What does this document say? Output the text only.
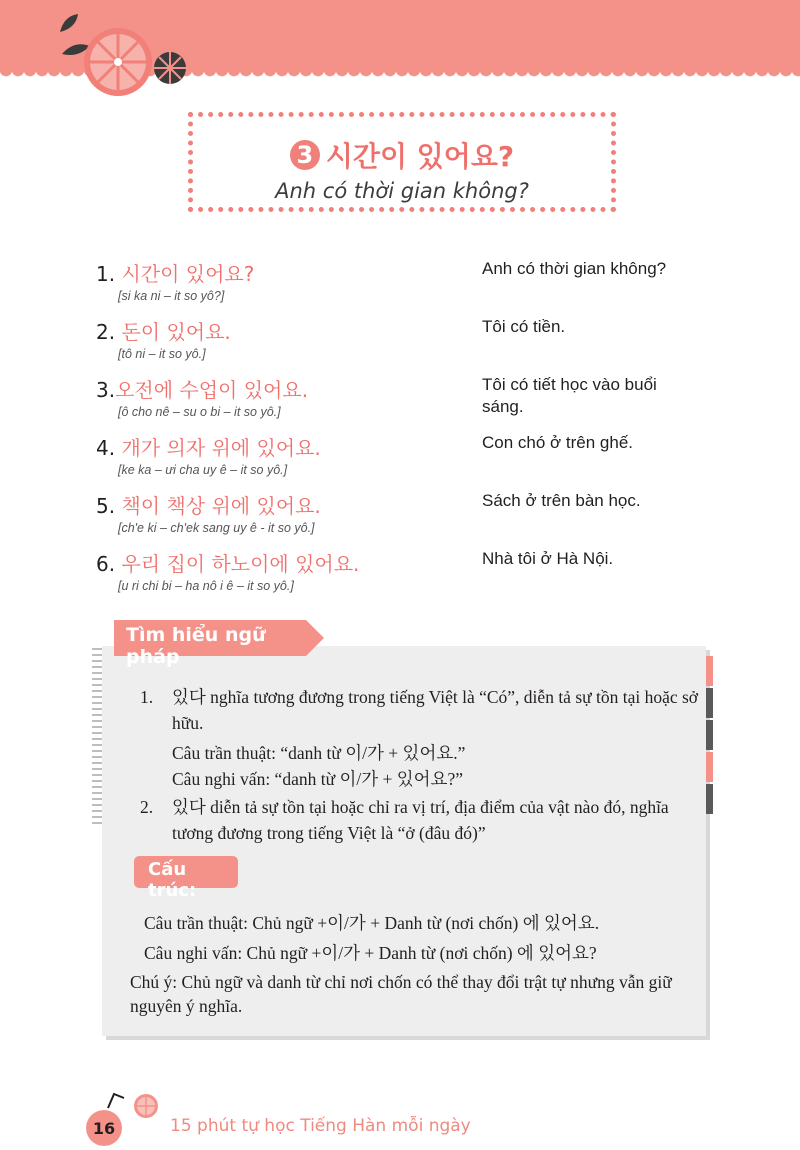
3 시간이 있어요?
Anh có thời gian không?
1. 시간이 있어요?
[si ka ni – it so yô?]
Anh có thời gian không?
2. 돈이 있어요.
[tô ni – it so yô.]
Tôi có tiền.
3.오전에 수업이 있어요.
[ô cho nê – su o bi – it so yô.]
Tôi có tiết học vào buổi sáng.
4. 개가 의자 위에 있어요.
[ke ka – ưi cha uy ê – it so yô.]
Con chó ở trên ghế.
5. 책이 책상 위에 있어요.
[ch'e ki – ch'ek sang uy ê - it so yô.]
Sách ở trên bàn học.
6. 우리 집이 하노이에 있어요.
[u ri chi bi – ha nô i ê – it so yô.]
Nhà tôi ở Hà Nội.
Tìm hiểu ngữ pháp
1. 있다 nghĩa tương đương trong tiếng Việt là “Có”, diễn tả sự tồn tại hoặc sở hữu.
Câu trần thuật: “danh từ 이/가 + 있어요.”
Câu nghi vấn: “danh từ 이/가 + 있어요?”
2. 있다 diễn tả sự tồn tại hoặc chỉ ra vị trí, địa điểm của vật nào đó, nghĩa tương đương trong tiếng Việt là “ở (đâu đó)”
Cấu trúc:
Câu trần thuật: Chủ ngữ +이/가 + Danh từ (nơi chốn) 에 있어요.
Câu nghi vấn: Chủ ngữ +이/가 + Danh từ (nơi chốn) 에 있어요?
Chú ý: Chủ ngữ và danh từ chỉ nơi chốn có thể thay đổi trật tự nhưng vẫn giữ nguyên ý nghĩa.
16	15 phút tự học Tiếng Hàn mỗi ngày
